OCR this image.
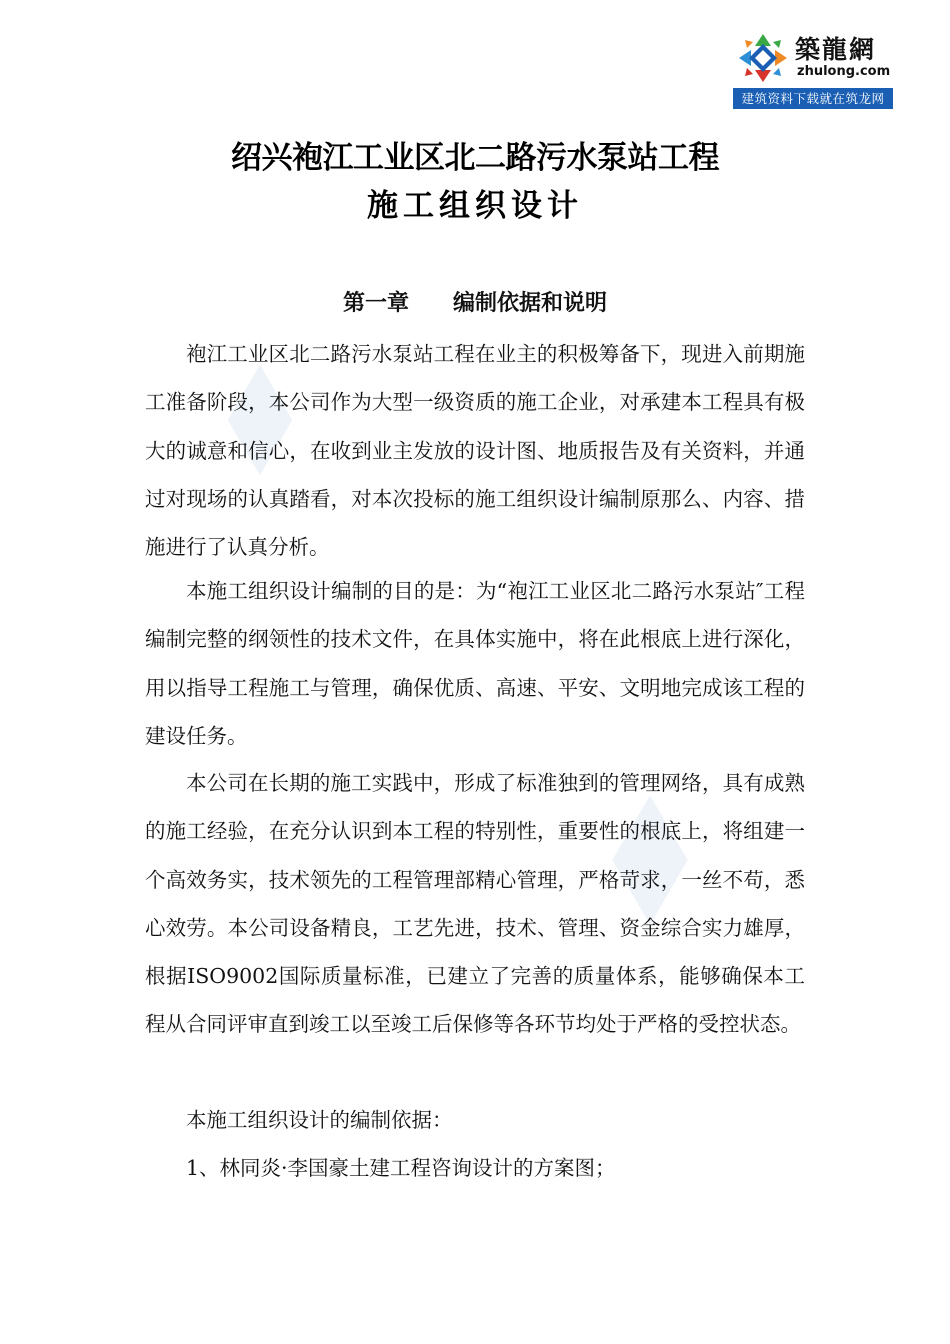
築龍網
zhulong.com
建筑资料下载就在筑龙网
绍兴袍江工业区北二路污水泵站工程
施工组织设计
第一章 编制依据和说明

袍江工业区北二路污水泵站工程在业主的积极筹备下，现进入前期施工准备阶段，本公司作为大型一级资质的施工企业，对承建本工程具有极大的诚意和信心，在收到业主发放的设计图、地质报告及有关资料，并通过对现场的认真踏看，对本次投标的施工组织设计编制原那么、内容、措施进行了认真分析。

本施工组织设计编制的目的是：为“袍江工业区北二路污水泵站″工程编制完整的纲领性的技术文件，在具体实施中，将在此根底上进行深化，用以指导工程施工与管理，确保优质、高速、平安、文明地完成该工程的建设任务。

本公司在长期的施工实践中，形成了标准独到的管理网络，具有成熟的施工经验，在充分认识到本工程的特别性，重要性的根底上，将组建一个高效务实，技术领先的工程管理部精心管理，严格苛求，一丝不苟，悉心效劳。本公司设备精良，工艺先进，技术、管理、资金综合实力雄厚，根据ISO9002国际质量标准，已建立了完善的质量体系，能够确保本工程从合同评审直到竣工以至竣工后保修等各环节均处于严格的受控状态。

本施工组织设计的编制依据：

1、林同炎·李国豪土建工程咨询设计的方案图；
